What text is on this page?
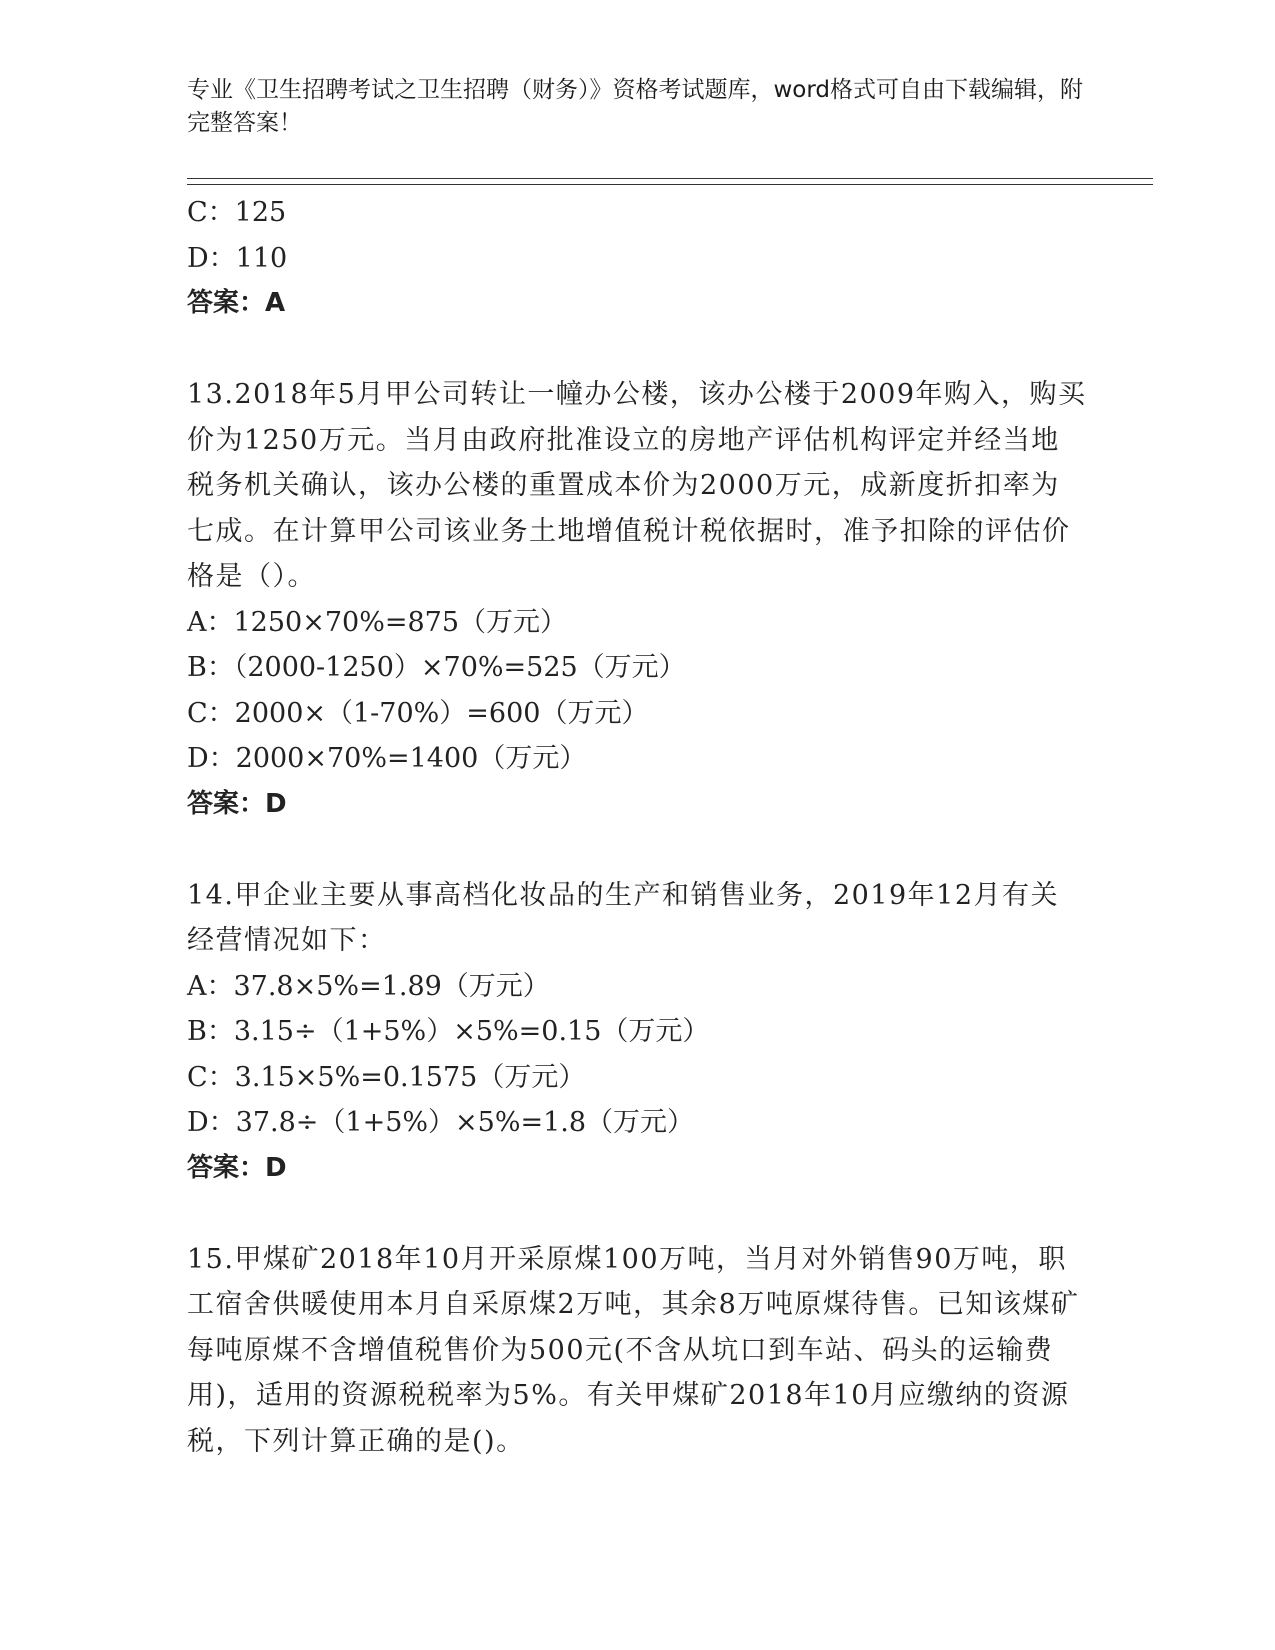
专业《卫生招聘考试之卫生招聘（财务）》资格考试题库，word格式可自由下载编辑，附完整答案！
C：125
D：110
答案：A
13.2018年5月甲公司转让一幢办公楼，该办公楼于2009年购入，购买价为1250万元。当月由政府批准设立的房地产评估机构评定并经当地税务机关确认，该办公楼的重置成本价为2000万元，成新度折扣率为七成。在计算甲公司该业务土地增值税计税依据时，准予扣除的评估价格是（）。
A：1250×70%=875（万元）
B：（2000-1250）×70%=525（万元）
C：2000×（1-70%）=600（万元）
D：2000×70%=1400（万元）
答案：D
14.甲企业主要从事高档化妆品的生产和销售业务，2019年12月有关经营情况如下：
A：37.8×5%=1.89（万元）
B：3.15÷（1+5%）×5%=0.15（万元）
C：3.15×5%=0.1575（万元）
D：37.8÷（1+5%）×5%=1.8（万元）
答案：D
15.甲煤矿2018年10月开采原煤100万吨，当月对外销售90万吨，职工宿舍供暖使用本月自采原煤2万吨，其余8万吨原煤待售。已知该煤矿每吨原煤不含增值税售价为500元(不含从坑口到车站、码头的运输费用)，适用的资源税税率为5%。有关甲煤矿2018年10月应缴纳的资源税，下列计算正确的是()。
